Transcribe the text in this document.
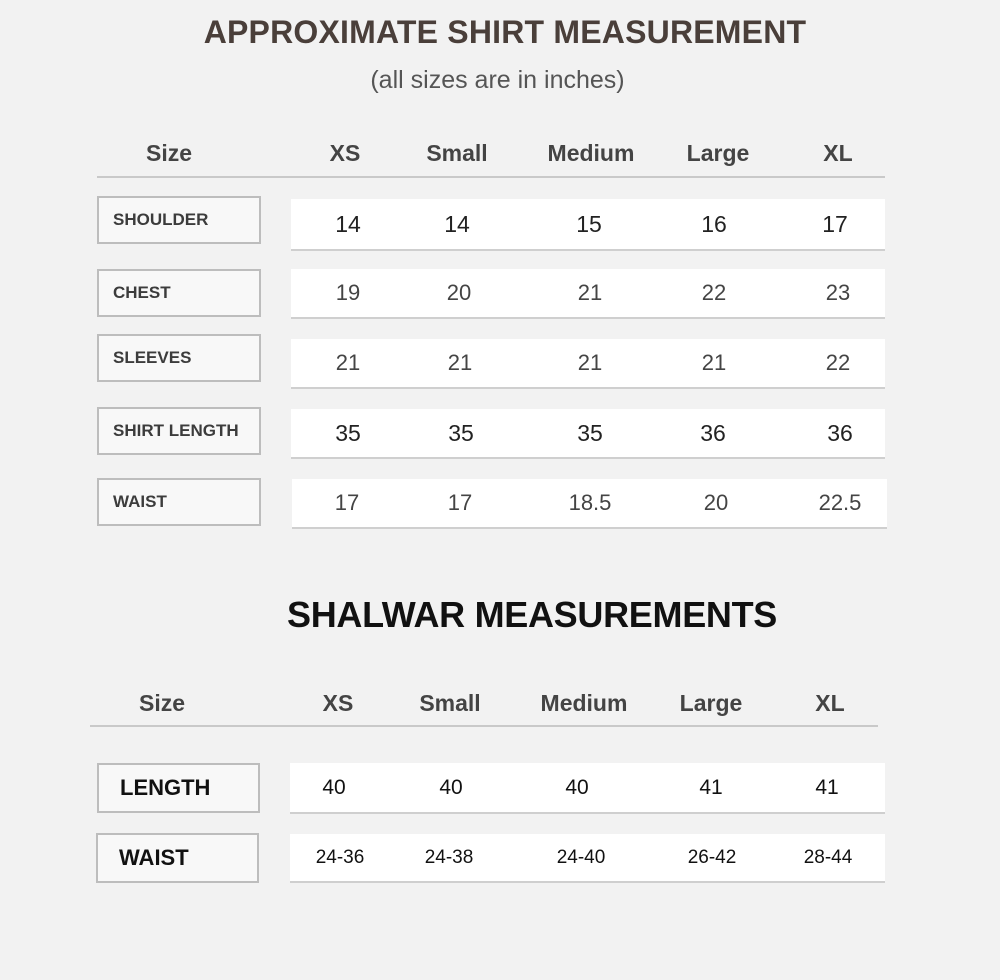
APPROXIMATE SHIRT MEASUREMENT
(all sizes are in inches)
Size	XS	Small	Medium	Large	XL
SHOULDER	14	14	15	16	17
CHEST	19	20	21	22	23
SLEEVES	21	21	21	21	22
SHIRT LENGTH	35	35	35	36	36
WAIST	17	17	18.5	20	22.5
SHALWAR MEASUREMENTS
Size	XS	Small	Medium	Large	XL
LENGTH	40	40	40	41	41
WAIST	24-36	24-38	24-40	26-42	28-44
